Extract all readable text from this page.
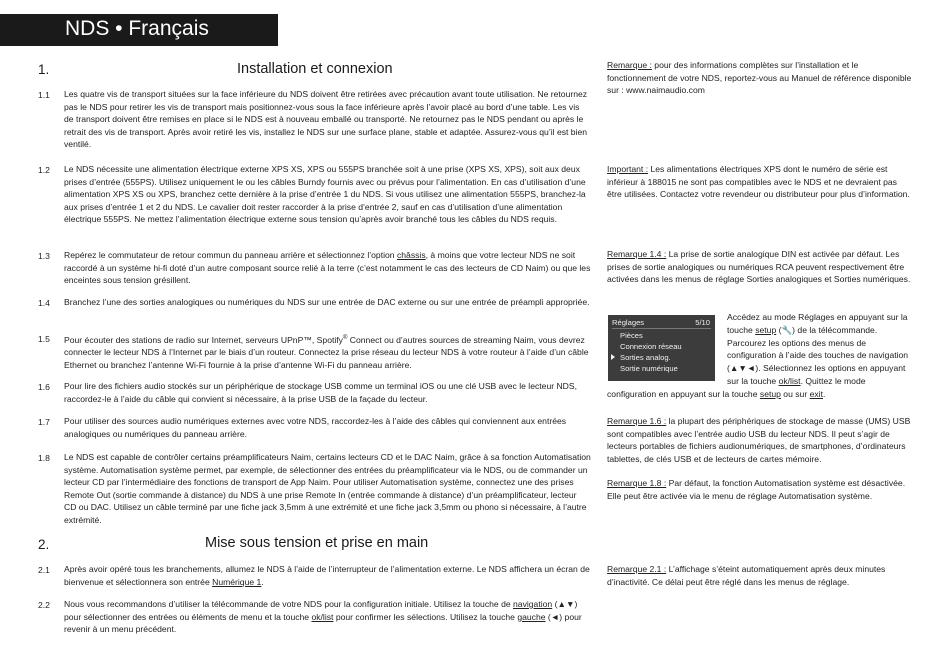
NDS • Français
1.	Installation et connexion
1.1 Les quatre vis de transport situées sur la face inférieure du NDS doivent être retirées avec précaution avant toute utilisation. Ne retournez pas le NDS pour retirer les vis de transport mais positionnez-vous sous la face inférieure après l’avoir placé au bord d’une table. Les vis de transport doivent être remises en place si le NDS est à nouveau emballé ou transporté. Ne retournez pas le NDS pendant ou après le retrait des vis de transport. Après avoir retiré les vis, installez le NDS sur une surface plane, stable et adaptée. Assurez-vous qu’il est bien ventilé.
1.2 Le NDS nécessite une alimentation électrique externe XPS XS, XPS ou 555PS branchée soit à une prise (XPS XS, XPS), soit aux deux prises d’entrée (555PS). Utilisez uniquement le ou les câbles Burndy fournis avec ou prévus pour l’alimentation. En cas d’utilisation d’une alimentation XPS XS ou XPS, branchez cette dernière à la prise d’entrée 1 du NDS. Si vous utilisez une alimentation 555PS, branchez-la aux prises d’entrée 1 et 2 du NDS. Le cavalier doit rester raccorder à la prise d’entrée 2, sauf en cas d’utilisation d’une alimentation électrique 555PS. Ne mettez l’alimentation électrique externe sous tension qu’après avoir branché tous les câbles du NDS requis.
1.3 Repérez le commutateur de retour commun du panneau arrière et sélectionnez l’option châssis, à moins que votre lecteur NDS ne soit raccordé à un système hi-fi doté d’un autre composant source relié à la terre (c’est notamment le cas des lecteurs de CD Naim) ou que les enceintes sous tension grésillent.
1.4 Branchez l’une des sorties analogiques ou numériques du NDS sur une entrée de DAC externe ou sur une entrée de préampli appropriée.
1.5 Pour écouter des stations de radio sur Internet, serveurs UPnP™, Spotify® Connect ou d’autres sources de streaming Naim, vous devrez connecter le lecteur NDS à l’Internet par le biais d’un routeur. Connectez la prise réseau du lecteur NDS à votre routeur à l’aide d’un câble Ethernet ou branchez l’antenne Wi-Fi fournie à la prise d’antenne Wi-Fi du panneau arrière.
1.6 Pour lire des fichiers audio stockés sur un périphérique de stockage USB comme un terminal iOS ou une clé USB avec le lecteur NDS, raccordez-le à l’aide du câble qui convient si nécessaire, à la prise USB de la façade du lecteur.
1.7 Pour utiliser des sources audio numériques externes avec votre NDS, raccordez-les à l’aide des câbles qui conviennent aux entrées analogiques ou numériques du panneau arrière.
1.8 Le NDS est capable de contrôler certains préamplificateurs Naim, certains lecteurs CD et le DAC Naim, grâce à sa fonction Automatisation système. Automatisation système permet, par exemple, de sélectionner des entrées du préamplificateur via le NDS, ou de commander un lecteur CD par l’intermédiaire des fonctions de transport de App Naim. Pour utiliser Automatisation système, connectez une des prises Remote Out (sortie commande à distance) du NDS à une prise Remote In (entrée commande à distance) d’un préamplificateur, lecteur CD ou DAC. Utilisez un câble terminé par une fiche jack 3,5mm à une extrémité et une fiche jack 3,5mm ou phono si nécessaire, à l’autre extrémité.
2.	Mise sous tension et prise en main
2.1 Après avoir opéré tous les branchements, allumez le NDS à l’aide de l’interrupteur de l’alimentation externe. Le NDS affichera un écran de bienvenue et sélectionnera son entrée Numérique 1.
2.2 Nous vous recommandons d’utiliser la télécommande de votre NDS pour la configuration initiale. Utilisez la touche de navigation (▲▼) pour sélectionner des entrées ou éléments de menu et la touche ok/list pour confirmer les sélections. Utilisez la touche gauche (◄) pour revenir à un menu précédent.
Remarque : pour des informations complètes sur l’installation et le fonctionnement de votre NDS, reportez-vous au Manuel de référence disponible sur : www.naimaudio.com
Important : Les alimentations électriques XPS dont le numéro de série est inférieur à 188015 ne sont pas compatibles avec le NDS et ne devraient pas être utilisées. Contactez votre revendeur ou distributeur pour plus d’information.
Remarque 1.4 : La prise de sortie analogique DIN est activée par défaut. Les prises de sortie analogiques ou numériques RCA peuvent respectivement être activées dans les menus de réglage Sorties analogiques et Sorties numériques.
Réglages	5/10
Pièces
Connexion réseau
Sorties analog.
Sortie numérique
Accédez au mode Réglages en appuyant sur la touche setup (🔧) de la télécommande. Parcourez les options des menus de configuration à l’aide des touches de navigation (▲▼◄). Sélectionnez les options en appuyant sur la touche ok/list. Quittez le mode configuration en appuyant sur la touche setup ou sur exit.
Remarque 1.6 : la plupart des périphériques de stockage de masse (UMS) USB sont compatibles avec l’entrée audio USB du lecteur NDS. Il peut s’agir de lecteurs portables de fichiers audionumériques, de smartphones, d’ordinateurs tablettes, de clés USB et de lecteurs de cartes mémoire.
Remarque 1.8 : Par défaut, la fonction Automatisation système est désactivée. Elle peut être activée via le menu de réglage Automatisation système.
Remarque 2.1 : L’affichage s’éteint automatiquement après deux minutes d’inactivité. Ce délai peut être réglé dans les menus de réglage.
